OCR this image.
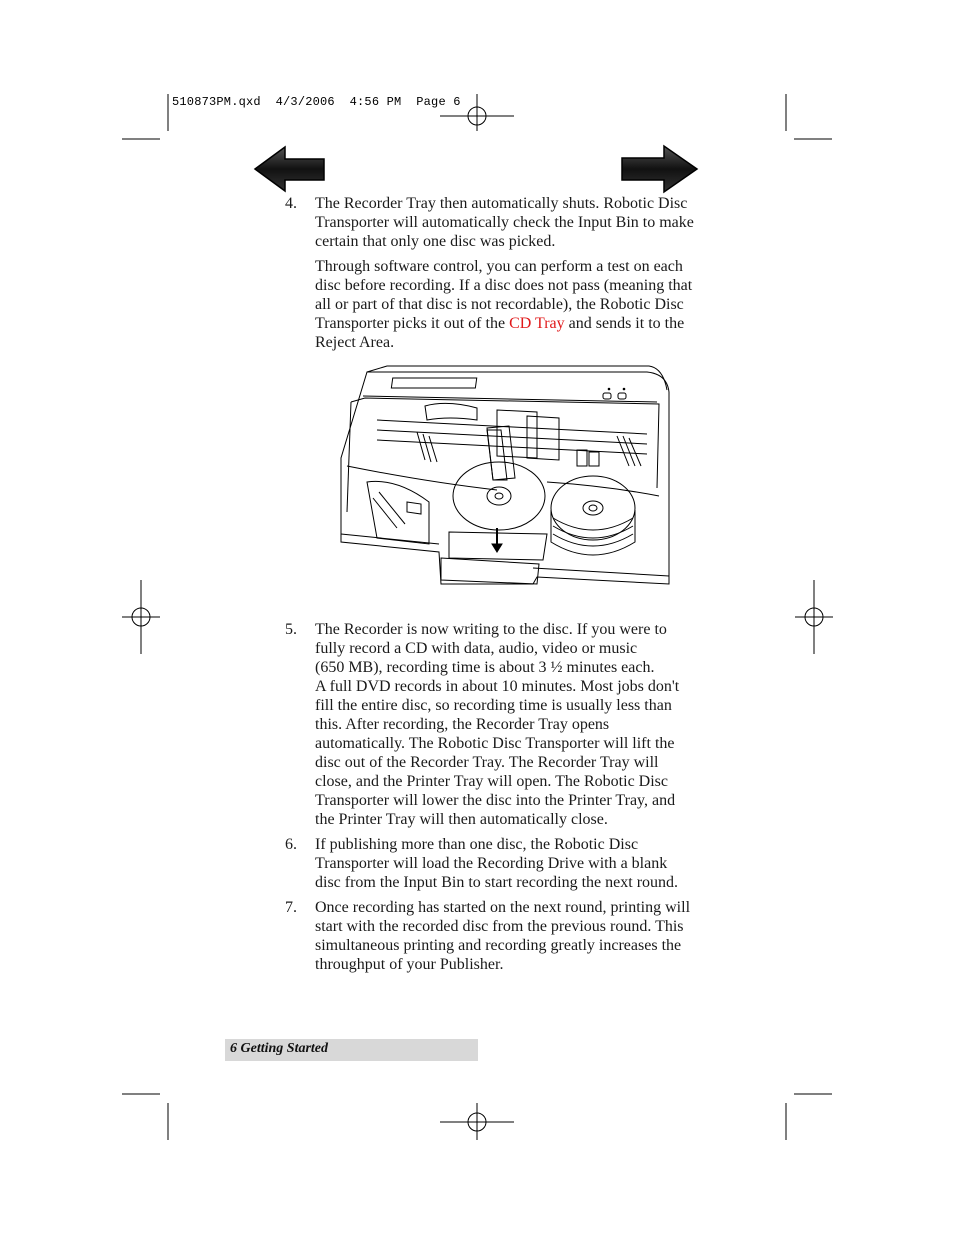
510873PM.qxd  4/3/2006  4:56 PM  Page 6
4. The Recorder Tray then automatically shuts. Robotic Disc
Transporter will automatically check the Input Bin to make
certain that only one disc was picked.
Through software control, you can perform a test on each
disc before recording. If a disc does not pass (meaning that
all or part of that disc is not recordable), the Robotic Disc
Transporter picks it out of the CD Tray and sends it to the
Reject Area.
5. The Recorder is now writing to the disc. If you were to
fully record a CD with data, audio, video or music
(650 MB), recording time is about 3 ½ minutes each.
A full DVD records in about 10 minutes. Most jobs don't
fill the entire disc, so recording time is usually less than
this. After recording, the Recorder Tray opens
automatically. The Robotic Disc Transporter will lift the
disc out of the Recorder Tray. The Recorder Tray will
close, and the Printer Tray will open. The Robotic Disc
Transporter will lower the disc into the Printer Tray, and
the Printer Tray will then automatically close.
6. If publishing more than one disc, the Robotic Disc
Transporter will load the Recording Drive with a blank
disc from the Input Bin to start recording the next round.
7. Once recording has started on the next round, printing will
start with the recorded disc from the previous round. This
simultaneous printing and recording greatly increases the
throughput of your Publisher.
6 Getting Started
